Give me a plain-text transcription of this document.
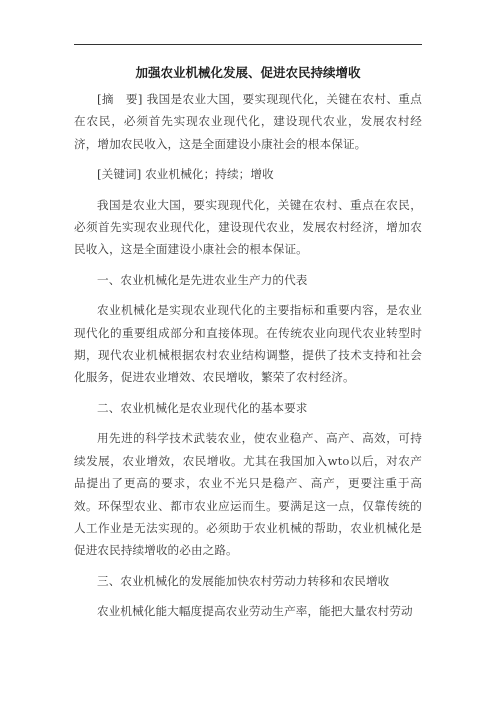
加强农业机械化发展、促进农民持续增收

[摘　要] 我国是农业大国，要实现现代化，关键在农村、重点在农民，必须首先实现农业现代化，建设现代农业，发展农村经济，增加农民收入，这是全面建设小康社会的根本保证。

[关键词] 农业机械化；持续；增收

我国是农业大国，要实现现代化，关键在农村、重点在农民，必须首先实现农业现代化，建设现代农业，发展农村经济，增加农民收入，这是全面建设小康社会的根本保证。

一、农业机械化是先进农业生产力的代表

农业机械化是实现农业现代化的主要指标和重要内容，是农业现代化的重要组成部分和直接体现。在传统农业向现代农业转型时期，现代农业机械根据农村农业结构调整，提供了技术支持和社会化服务，促进农业增效、农民增收，繁荣了农村经济。

二、农业机械化是农业现代化的基本要求

用先进的科学技术武装农业，使农业稳产、高产、高效，可持续发展，农业增效，农民增收。尤其在我国加入wto以后，对农产品提出了更高的要求，农业不光只是稳产、高产，更要注重于高效。环保型农业、都市农业应运而生。要满足这一点，仅靠传统的人工作业是无法实现的。必须助于农业机械的帮助，农业机械化是促进农民持续增收的必由之路。

三、农业机械化的发展能加快农村劳动力转移和农民增收

农业机械化能大幅度提高农业劳动生产率，能把大量农村劳动
